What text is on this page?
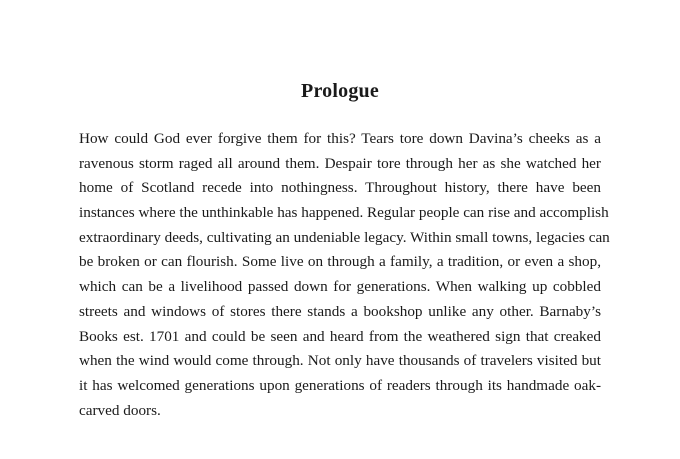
Prologue
How could God ever forgive them for this? Tears tore down Davina’s cheeks as a
ravenous storm raged all around them. Despair tore through her as she watched her
home of Scotland recede into nothingness. Throughout history, there have been
instances where the unthinkable has happened. Regular people can rise and accomplish
extraordinary deeds, cultivating an undeniable legacy. Within small towns, legacies can
be broken or can flourish. Some live on through a family, a tradition, or even a shop,
which can be a livelihood passed down for generations. When walking up cobbled
streets and windows of stores there stands a bookshop unlike any other. Barnaby’s
Books est. 1701 and could be seen and heard from the weathered sign that creaked
when the wind would come through. Not only have thousands of travelers visited but
it has welcomed generations upon generations of readers through its handmade oak-
carved doors.
